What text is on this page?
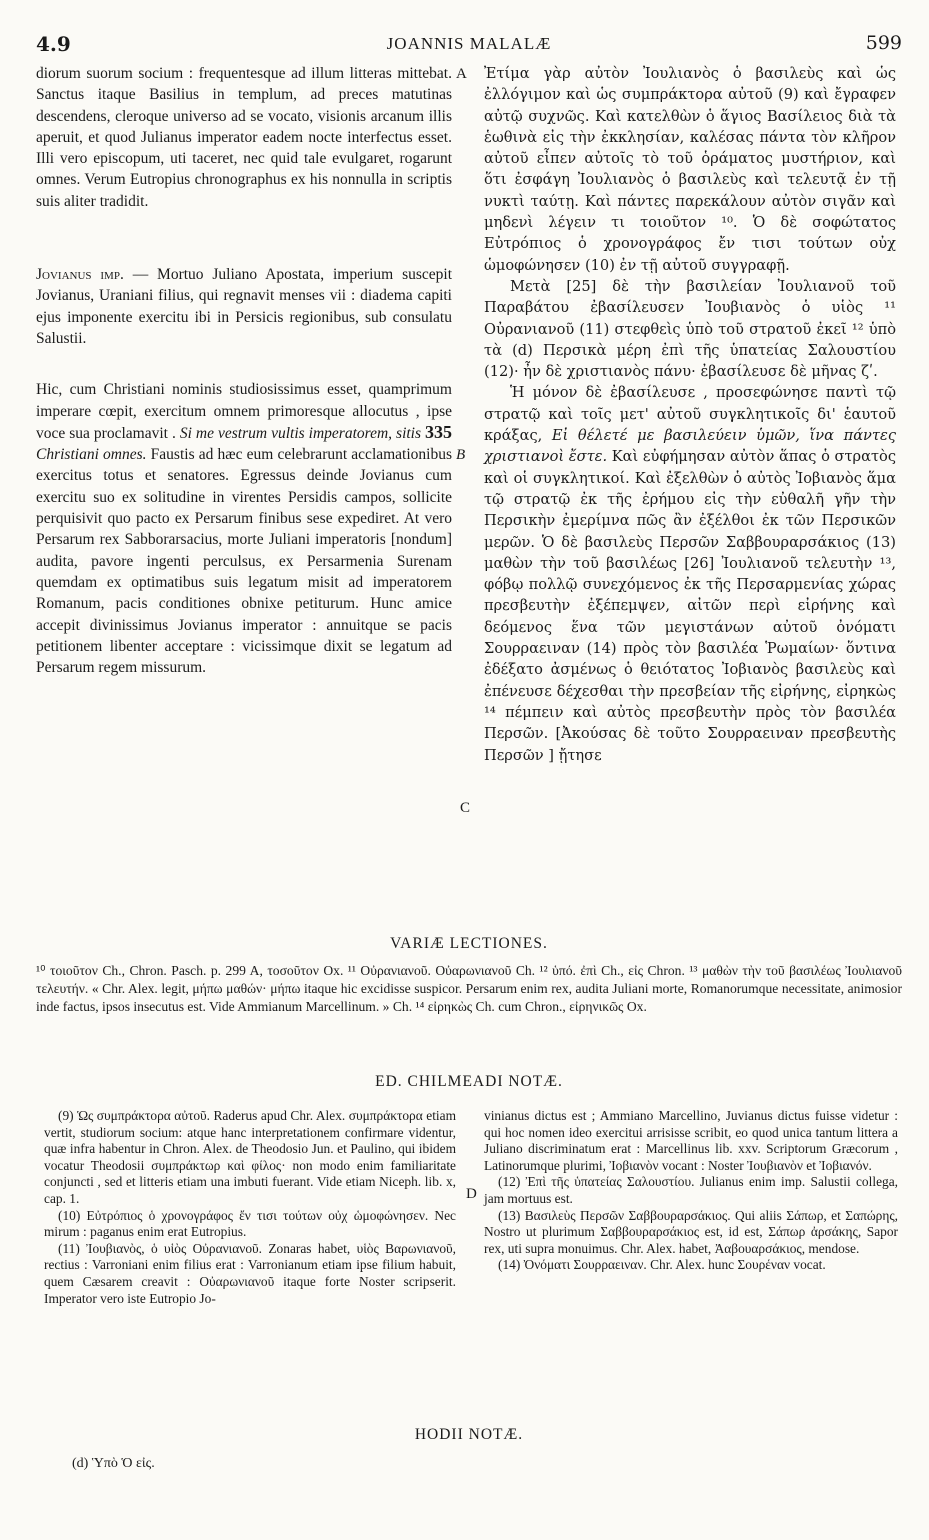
4.9	JOANNIS MALALÆ	599
A
B
C
D

diorum suorum socium : frequentesque ad illum litteras mittebat. Sanctus itaque Basilius in templum, ad preces matutinas descendens, cleroque universo ad se vocato, visionis arcanum illis aperuit, et quod Julianus imperator eadem nocte interfectus esset. Illi vero episcopum, uti taceret, nec quid tale evulgaret, rogarunt omnes. Verum Eutropius chronographus ex his nonnulla in scriptis suis aliter tradidit.

Jovianus imp. — Mortuo Juliano Apostata, imperium suscepit Jovianus, Uraniani filius, qui regnavit menses vii : diadema capiti ejus imponente exercitu ibi in Persicis regionibus, sub consulatu Salustii.

Hic, cum Christiani nominis studiosissimus esset, quamprimum imperare cœpit, exercitum omnem primoresque allocutus , ipse voce sua proclamavit . Si me vestrum vultis imperatorem, sitis 335 Christiani omnes. Faustis ad hæc eum celebrarunt acclamationibus exercitus totus et senatores. Egressus deinde Jovianus cum exercitu suo ex solitudine in virentes Persidis campos, sollicite perquisivit quo pacto ex Persarum finibus sese expediret. At vero Persarum rex Sabborarsacius, morte Juliani imperatoris [nondum] audita, pavore ingenti perculsus, ex Persarmenia Surenam quemdam ex optimatibus suis legatum misit ad imperatorem Romanum, pacis conditiones obnixe petiturum. Hunc amice accepit divinissimus Jovianus imperator : annuitque se pacis petitionem libenter acceptare : vicissimque dixit se legatum ad Persarum regem missurum.

Ἐτίμα γὰρ αὐτὸν Ἰουλιανὸς ὁ βασιλεὺς καὶ ὡς ἐλλόγιμον καὶ ὡς συμπράκτορα αὐτοῦ (9) καὶ ἔγραφεν αὐτῷ συχνῶς. Καὶ κατελθὼν ὁ ἅγιος Βασίλειος διὰ τὰ ἑωθινὰ εἰς τὴν ἐκκλησίαν, καλέσας πάντα τὸν κλῆρον αὐτοῦ εἶπεν αὐτοῖς τὸ τοῦ ὁράματος μυστήριον, καὶ ὅτι ἐσφάγη Ἰουλιανὸς ὁ βασιλεὺς καὶ τελευτᾷ ἐν τῇ νυκτὶ ταύτῃ. Καὶ πάντες παρεκάλουν αὐτὸν σιγᾶν καὶ μηδενὶ λέγειν τι τοιοῦτον ¹⁰. Ὁ δὲ σοφώτατος Εὐτρόπιος ὁ χρονογράφος ἔν τισι τούτων οὐχ ὡμοφώνησεν (10) ἐν τῇ αὐτοῦ συγγραφῇ.

Μετὰ [25] δὲ τὴν βασιλείαν Ἰουλιανοῦ τοῦ Παραβάτου ἐβασίλευσεν Ἰουβιανὸς ὁ υἱὸς ¹¹ Οὐρανιανοῦ (11) στεφθεὶς ὑπὸ τοῦ στρατοῦ ἐκεῖ ¹² ὑπὸ τὰ (d) Περσικὰ μέρη ἐπὶ τῆς ὑπατείας Σαλουστίου (12)· ἦν δὲ χριστιανὸς πάνυ· ἐβασίλευσε δὲ μῆνας ζʹ.

Ἡ μόνον δὲ ἐβασίλευσε , προσεφώνησε παντὶ τῷ στρατῷ καὶ τοῖς μετ' αὐτοῦ συγκλητικοῖς δι' ἑαυτοῦ κράξας, Εἰ θέλετέ με βασιλεύειν ὑμῶν, ἵνα πάντες χριστιανοὶ ἔστε. Καὶ εὐφήμησαν αὐτὸν ἅπας ὁ στρατὸς καὶ οἱ συγκλητικοί. Καὶ ἐξελθὼν ὁ αὐτὸς Ἰοβιανὸς ἅμα τῷ στρατῷ ἐκ τῆς ἐρήμου εἰς τὴν εὐθαλῆ γῆν τὴν Περσικὴν ἐμερίμνα πῶς ἂν ἐξέλθοι ἐκ τῶν Περσικῶν μερῶν. Ὁ δὲ βασιλεὺς Περσῶν Σαββουραρσάκιος (13) μαθὼν τὴν τοῦ βασιλέως [26] Ἰουλιανοῦ τελευτὴν ¹³, φόβῳ πολλῷ συνεχόμενος ἐκ τῆς Περσαρμενίας χώρας πρεσβευτὴν ἐξέπεμψεν, αἰτῶν περὶ εἰρήνης καὶ δεόμενος ἕνα τῶν μεγιστάνων αὐτοῦ ὀνόματι Σουρραειναν (14) πρὸς τὸν βασιλέα Ῥωμαίων· ὅντινα ἐδέξατο ἀσμένως ὁ θειότατος Ἰοβιανὸς βασιλεὺς καὶ ἐπένευσε δέχεσθαι τὴν πρεσβείαν τῆς εἰρήνης, εἰρηκὼς ¹⁴ πέμπειν καὶ αὐτὸς πρεσβευτὴν πρὸς τὸν βασιλέα Περσῶν. [Ἀκούσας δὲ τοῦτο Σουρραειναν πρεσβευτὴς Περσῶν ] ᾔτησε

VARIÆ LECTIONES.
¹⁰ τοιοῦτον Ch., Chron. Pasch. p. 299 A, τοσοῦτον Ox. ¹¹ Οὐρανιανοῦ. Οὐαρωνιανοῦ Ch. ¹² ὑπό. ἐπὶ Ch., εἰς Chron. ¹³ μαθὼν τὴν τοῦ βασιλέως Ἰουλιανοῦ τελευτήν. « Chr. Alex. legit, μήπω μαθών· μήπω itaque hic excidisse suspicor. Persarum enim rex, audita Juliani morte, Romanorumque necessitate, animosior inde factus, ipsos insecutus est. Vide Ammianum Marcellinum. » Ch. ¹⁴ εἰρηκὼς Ch. cum Chron., εἰρηνικῶς Ox.
ED. CHILMEADI NOTÆ.

(9) Ὡς συμπράκτορα αὐτοῦ. Raderus apud Chr. Alex. συμπράκτορα etiam vertit, studiorum socium: atque hanc interpretationem confirmare videntur, quæ infra habentur in Chron. Alex. de Theodosio Jun. et Paulino, qui ibidem vocatur Theodosii συμπράκτωρ καὶ φίλος· non modo enim familiaritate conjuncti , sed et litteris etiam una imbuti fuerant. Vide etiam Niceph. lib. x, cap. 1.

(10) Εὐτρόπιος ὁ χρονογράφος ἔν τισι τούτων οὐχ ὡμοφώνησεν. Nec mirum : paganus enim erat Eutropius.

(11) Ἰουβιανὸς, ὁ υἱὸς Οὐρανιανοῦ. Zonaras habet, υἱὸς Βαρωνιανοῦ, rectius : Varroniani enim filius erat : Varronianum etiam ipse filium habuit, quem Cæsarem creavit : Οὐαρωνιανοῦ itaque forte Noster scripserit. Imperator vero iste Eutropio Jo-

vinianus dictus est ; Ammiano Marcellino, Juvianus dictus fuisse videtur : qui hoc nomen ideo exercitui arrisisse scribit, eo quod unica tantum littera a Juliano discriminatum erat : Marcellinus lib. xxv. Scriptorum Græcorum , Latinorumque plurimi, Ἰοβιανὸν vocant : Noster Ἰουβιανὸν et Ἰοβιανόν.

(12) Ἐπὶ τῆς ὑπατείας Σαλουστίου. Julianus enim imp. Salustii collega, jam mortuus est.

(13) Βασιλεὺς Περσῶν Σαββουραρσάκιος. Qui aliis Σάπωρ, et Σαπώρης, Nostro ut plurimum Σαββουραρσάκιος est, id est, Σάπωρ ἀρσάκης, Sapor rex, uti supra monuimus. Chr. Alex. habet, Ἀαβουαρσάκιος, mendose.

(14) Ὀνόματι Σουρραειναν. Chr. Alex. hunc Σουρέναν vocat.

HODII NOTÆ.
(d) Ὑπὸ Ὁ εἰς.
